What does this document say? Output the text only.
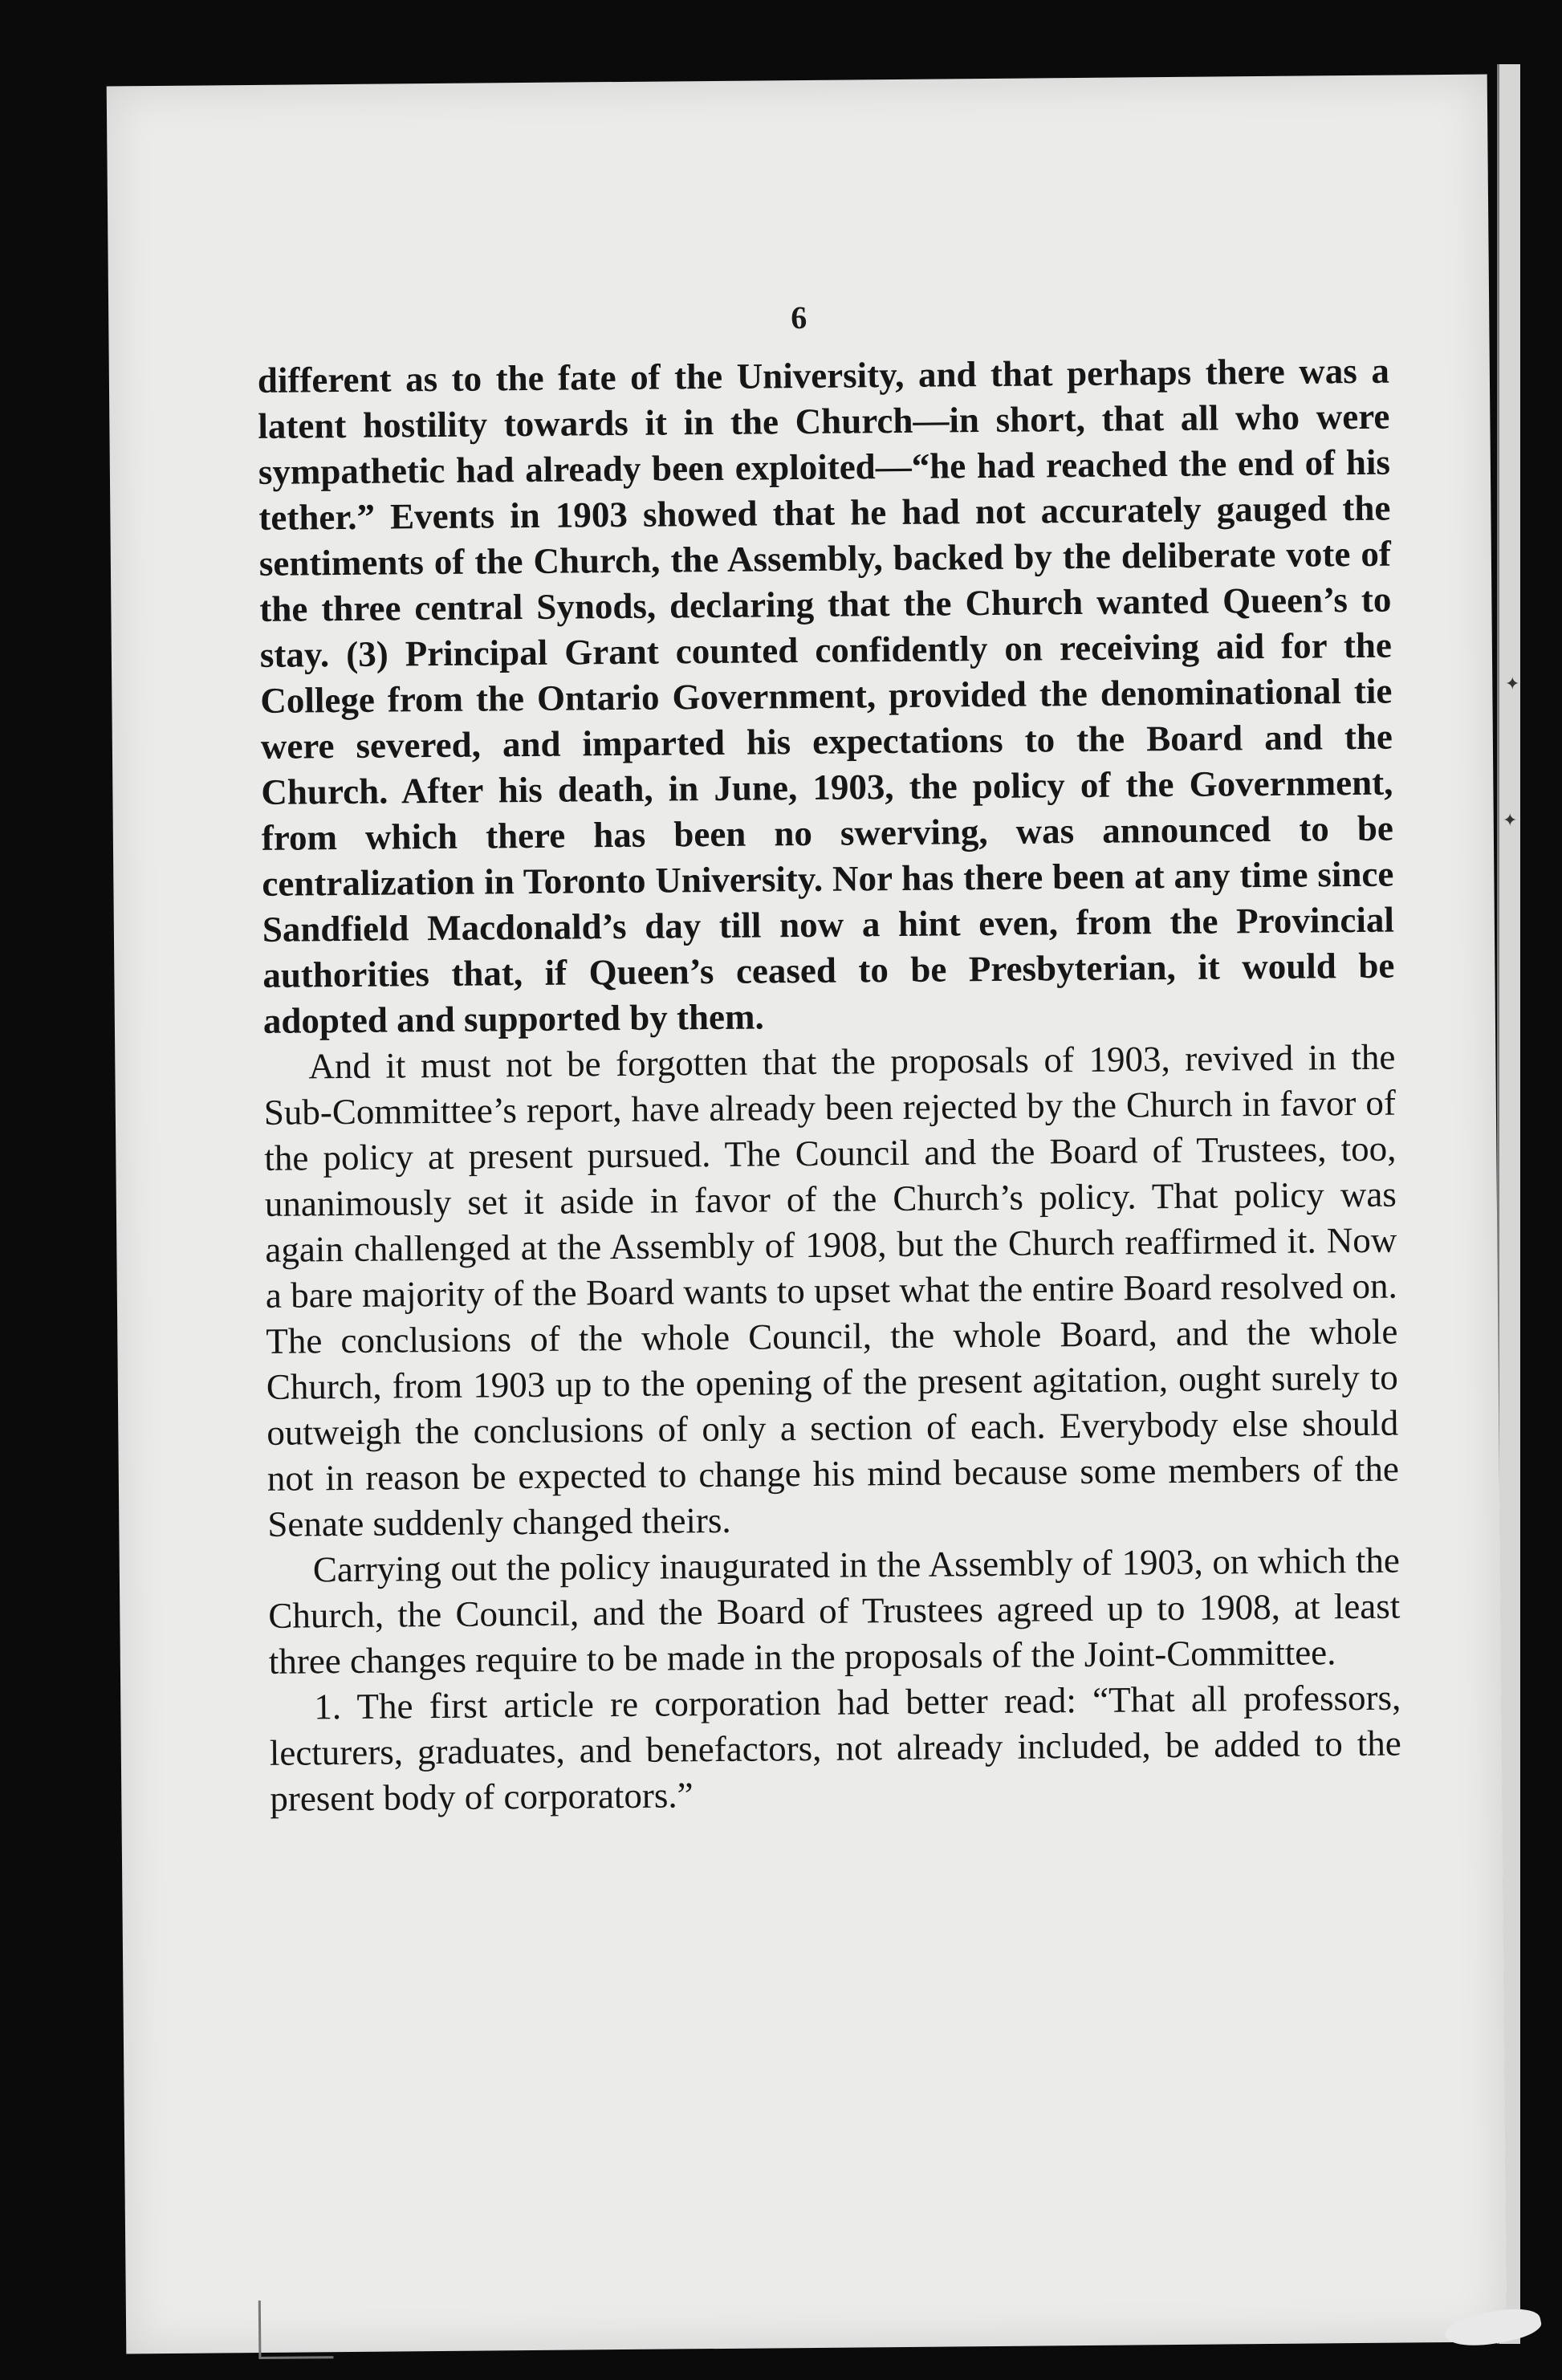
6

different as to the fate of the University, and that perhaps there was a latent hostility towards it in the Church—in short, that all who were sympathetic had already been exploited—“he had reached the end of his tether.” Events in 1903 showed that he had not accurately gauged the sentiments of the Church, the Assembly, backed by the deliberate vote of the three central Synods, declaring that the Church wanted Queen’s to stay. (3) Principal Grant counted confidently on receiving aid for the College from the Ontario Government, provided the denominational tie were severed, and imparted his expectations to the Board and the Church. After his death, in June, 1903, the policy of the Government, from which there has been no swerving, was announced to be centralization in Toronto University. Nor has there been at any time since Sandfield Macdonald’s day till now a hint even, from the Provincial authorities that, if Queen’s ceased to be Presbyterian, it would be adopted and supported by them.

And it must not be forgotten that the proposals of 1903, revived in the Sub-Committee’s report, have already been rejected by the Church in favor of the policy at present pursued. The Council and the Board of Trustees, too, unanimously set it aside in favor of the Church’s policy. That policy was again challenged at the Assembly of 1908, but the Church reaffirmed it. Now a bare majority of the Board wants to upset what the entire Board resolved on. The conclusions of the whole Council, the whole Board, and the whole Church, from 1903 up to the opening of the present agitation, ought surely to outweigh the conclusions of only a section of each. Everybody else should not in reason be expected to change his mind because some members of the Senate suddenly changed theirs.

Carrying out the policy inaugurated in the Assembly of 1903, on which the Church, the Council, and the Board of Trustees agreed up to 1908, at least three changes require to be made in the proposals of the Joint-Committee.

1. The first article re corporation had better read: “That all professors, lecturers, graduates, and benefactors, not already included, be added to the present body of corporators.”

✦
✦
